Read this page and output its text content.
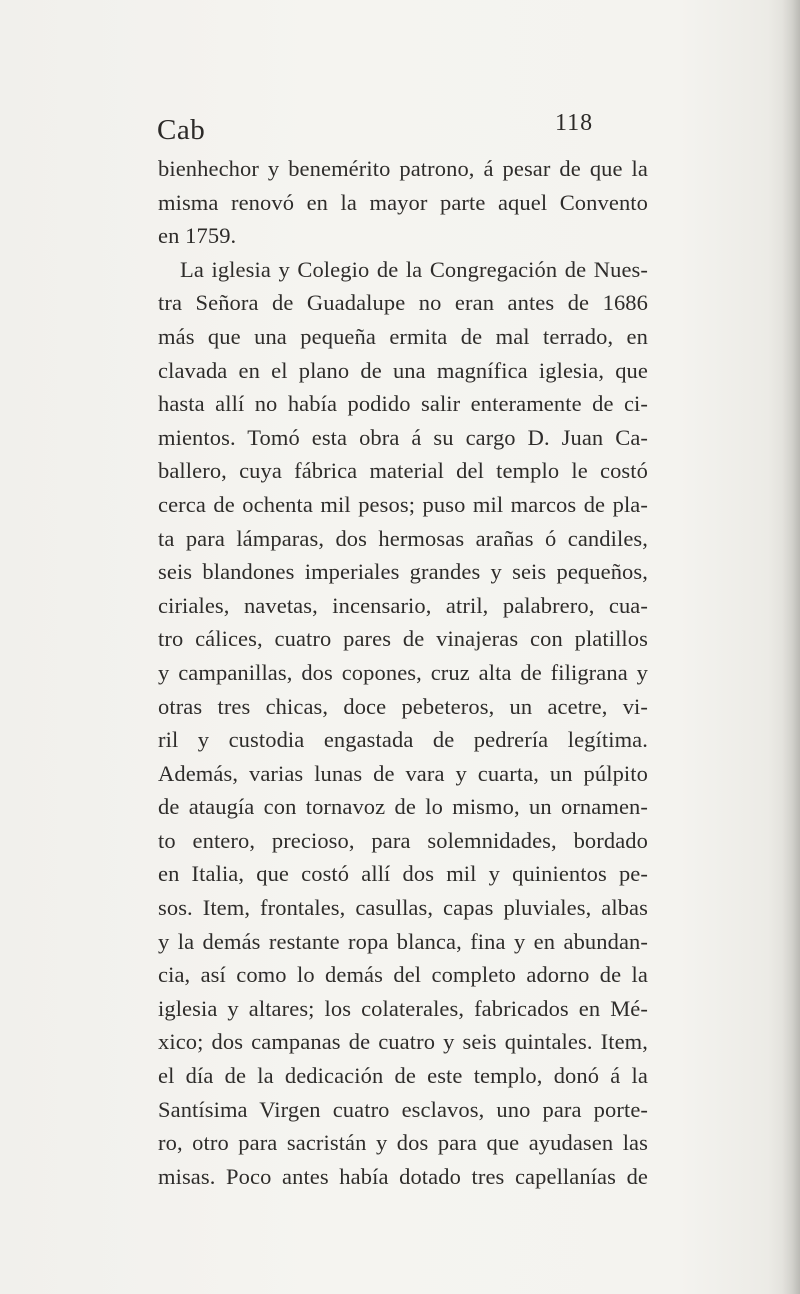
Cab	118
bienhechor y benemérito patrono, á pesar de que la
misma renovó en la mayor parte aquel Convento
en 1759.
La iglesia y Colegio de la Congregación de Nues-
tra Señora de Guadalupe no eran antes de 1686
más que una pequeña ermita de mal terrado, en
clavada en el plano de una magnífica iglesia, que
hasta allí no había podido salir enteramente de ci-
mientos. Tomó esta obra á su cargo D. Juan Ca-
ballero, cuya fábrica material del templo le costó
cerca de ochenta mil pesos; puso mil marcos de pla-
ta para lámparas, dos hermosas arañas ó candiles,
seis blandones imperiales grandes y seis pequeños,
ciriales, navetas, incensario, atril, palabrero, cua-
tro cálices, cuatro pares de vinajeras con platillos
y campanillas, dos copones, cruz alta de filigrana y
otras tres chicas, doce pebeteros, un acetre, vi-
ril y custodia engastada de pedrería legítima.
Además, varias lunas de vara y cuarta, un púlpito
de ataugía con tornavoz de lo mismo, un ornamen-
to entero, precioso, para solemnidades, bordado
en Italia, que costó allí dos mil y quinientos pe-
sos. Item, frontales, casullas, capas pluviales, albas
y la demás restante ropa blanca, fina y en abundan-
cia, así como lo demás del completo adorno de la
iglesia y altares; los colaterales, fabricados en Mé-
xico; dos campanas de cuatro y seis quintales. Item,
el día de la dedicación de este templo, donó á la
Santísima Virgen cuatro esclavos, uno para porte-
ro, otro para sacristán y dos para que ayudasen las
misas. Poco antes había dotado tres capellanías de
